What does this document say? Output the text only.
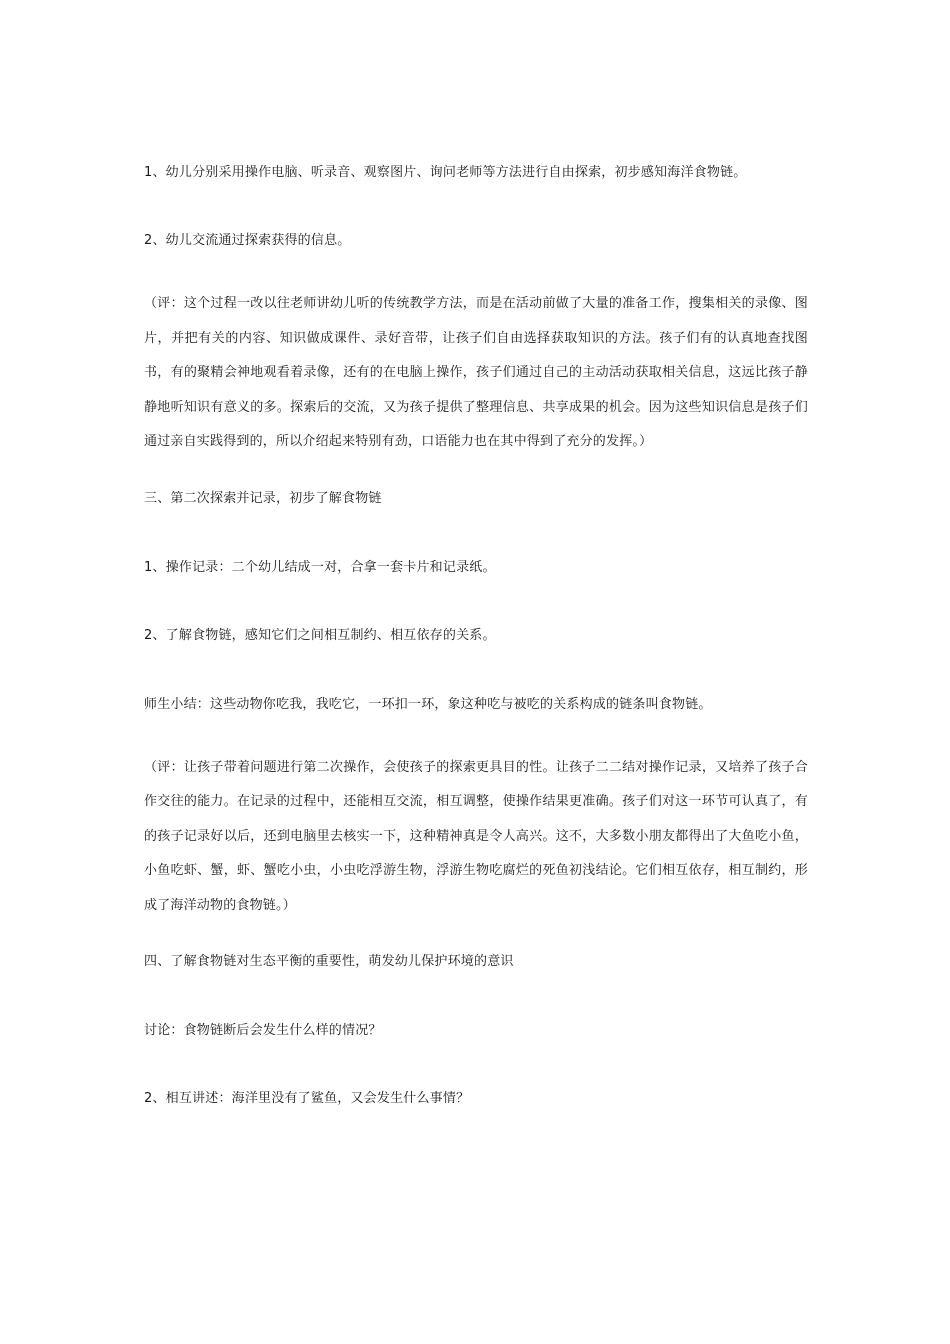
1、幼儿分别采用操作电脑、听录音、观察图片、询问老师等方法进行自由探索，初步感知海洋食物链。

2、幼儿交流通过探索获得的信息。

（评：这个过程一改以往老师讲幼儿听的传统教学方法，而是在活动前做了大量的准备工作，搜集相关的录像、图片，并把有关的内容、知识做成课件、录好音带，让孩子们自由选择获取知识的方法。孩子们有的认真地查找图书，有的聚精会神地观看着录像，还有的在电脑上操作，孩子们通过自己的主动活动获取相关信息，这远比孩子静静地听知识有意义的多。探索后的交流，又为孩子提供了整理信息、共享成果的机会。因为这些知识信息是孩子们通过亲自实践得到的，所以介绍起来特别有劲，口语能力也在其中得到了充分的发挥。）

三、第二次探索并记录，初步了解食物链

1、操作记录：二个幼儿结成一对，合拿一套卡片和记录纸。

2、了解食物链，感知它们之间相互制约、相互依存的关系。

师生小结：这些动物你吃我，我吃它，一环扣一环，象这种吃与被吃的关系构成的链条叫食物链。

（评：让孩子带着问题进行第二次操作，会使孩子的探索更具目的性。让孩子二二结对操作记录，又培养了孩子合作交往的能力。在记录的过程中，还能相互交流，相互调整，使操作结果更准确。孩子们对这一环节可认真了，有的孩子记录好以后，还到电脑里去核实一下，这种精神真是令人高兴。这不，大多数小朋友都得出了大鱼吃小鱼，小鱼吃虾、蟹，虾、蟹吃小虫，小虫吃浮游生物，浮游生物吃腐烂的死鱼初浅结论。它们相互依存，相互制约，形成了海洋动物的食物链。）

四、了解食物链对生态平衡的重要性，萌发幼儿保护环境的意识

讨论：食物链断后会发生什么样的情况？

2、相互讲述：海洋里没有了鲨鱼，又会发生什么事情？
